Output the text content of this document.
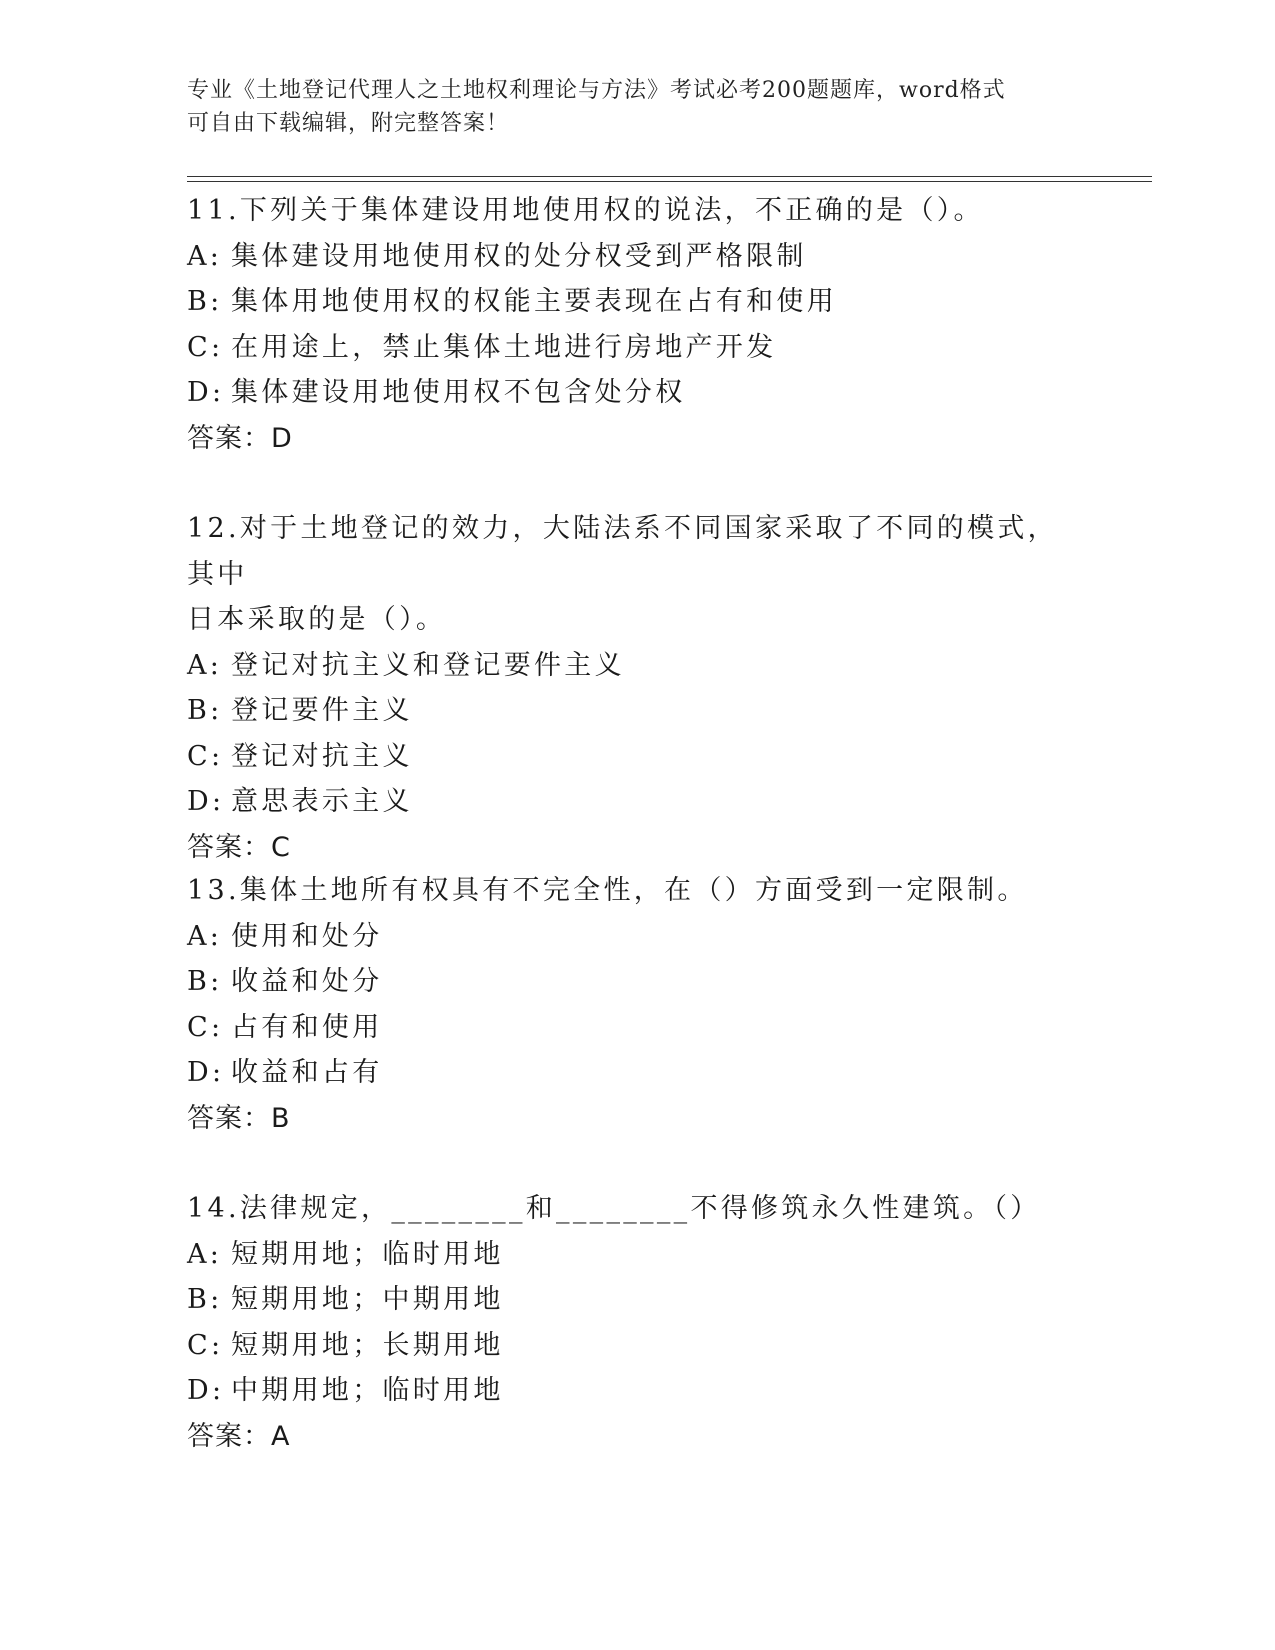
专业《土地登记代理人之土地权利理论与方法》考试必考200题题库，word格式
可自由下载编辑，附完整答案！

11.下列关于集体建设用地使用权的说法，不正确的是（）。

A: 集体建设用地使用权的处分权受到严格限制

B: 集体用地使用权的权能主要表现在占有和使用

C: 在用途上，禁止集体土地进行房地产开发

D: 集体建设用地使用权不包含处分权

答案：D

12.对于土地登记的效力，大陆法系不同国家采取了不同的模式，其中

日本采取的是（）。

A: 登记对抗主义和登记要件主义

B: 登记要件主义

C: 登记对抗主义

D: 意思表示主义

答案：C

13.集体土地所有权具有不完全性，在（）方面受到一定限制。

A: 使用和处分

B: 收益和处分

C: 占有和使用

D: 收益和占有

答案：B

14.法律规定，________和________不得修筑永久性建筑。（）

A: 短期用地；临时用地

B: 短期用地；中期用地

C: 短期用地；长期用地

D: 中期用地；临时用地

答案：A
